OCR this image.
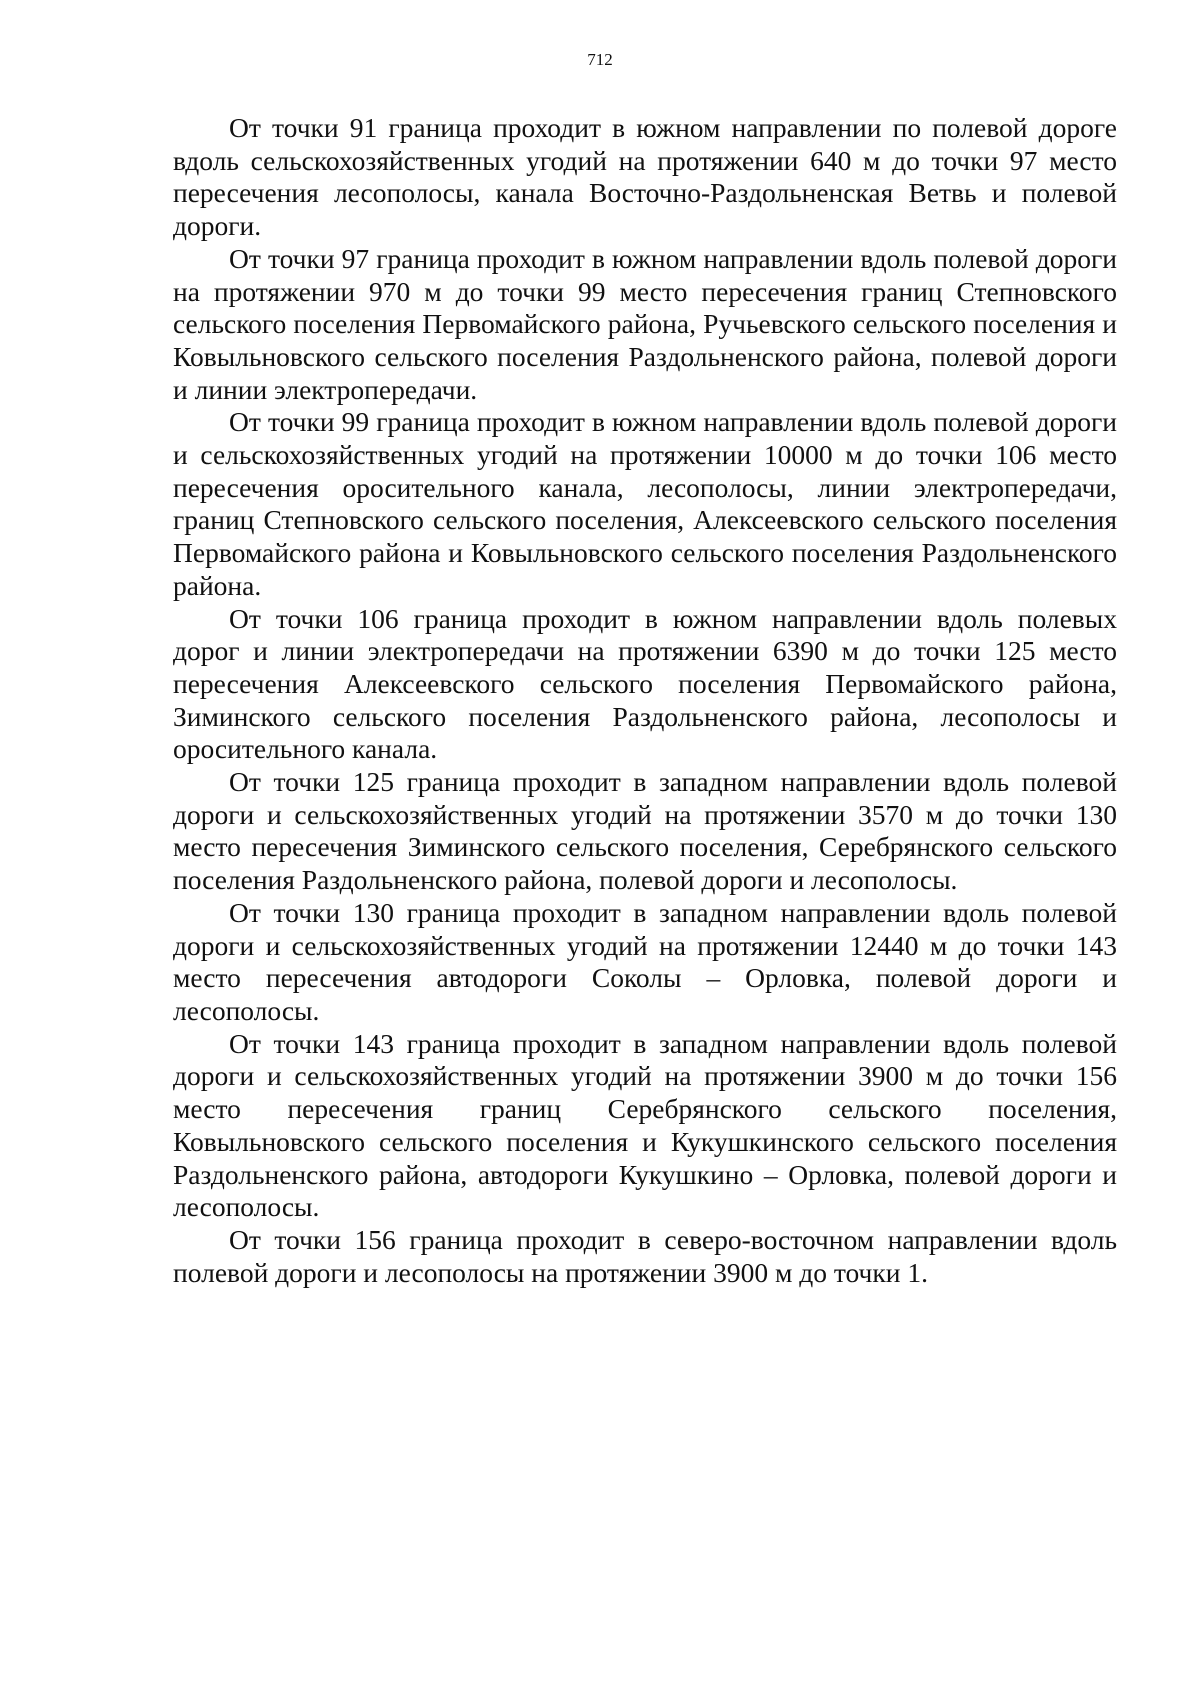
712

От точки 91 граница проходит в южном направлении по полевой дороге вдоль сельскохозяйственных угодий на протяжении 640 м до точки 97 место пересечения лесополосы, канала Восточно-Раздольненская Ветвь и полевой дороги.

От точки 97 граница проходит в южном направлении вдоль полевой дороги на протяжении 970 м до точки 99 место пересечения границ Степновского сельского поселения Первомайского района, Ручьевского сельского поселения и Ковыльновского сельского поселения Раздольненского района, полевой дороги и линии электропередачи.

От точки 99 граница проходит в южном направлении вдоль полевой дороги и сельскохозяйственных угодий на протяжении 10000 м до точки 106 место пересечения оросительного канала, лесополосы, линии электропередачи, границ Степновского сельского поселения, Алексеевского сельского поселения Первомайского района и Ковыльновского сельского поселения Раздольненского района.

От точки 106 граница проходит в южном направлении вдоль полевых дорог и линии электропередачи на протяжении 6390 м до точки 125 место пересечения Алексеевского сельского поселения Первомайского района, Зиминского сельского поселения Раздольненского района, лесополосы и оросительного канала.

От точки 125 граница проходит в западном направлении вдоль полевой дороги и сельскохозяйственных угодий на протяжении 3570 м до точки 130 место пересечения Зиминского сельского поселения, Серебрянского сельского поселения Раздольненского района, полевой дороги и лесополосы.

От точки 130 граница проходит в западном направлении вдоль полевой дороги и сельскохозяйственных угодий на протяжении 12440 м до точки 143 место пересечения автодороги Соколы – Орловка, полевой дороги и лесополосы.

От точки 143 граница проходит в западном направлении вдоль полевой дороги и сельскохозяйственных угодий на протяжении 3900 м до точки 156 место пересечения границ Серебрянского сельского поселения, Ковыльновского сельского поселения и Кукушкинского сельского поселения Раздольненского района, автодороги Кукушкино – Орловка, полевой дороги и лесополосы.

От точки 156 граница проходит в северо-восточном направлении вдоль полевой дороги и лесополосы на протяжении 3900 м до точки 1.
